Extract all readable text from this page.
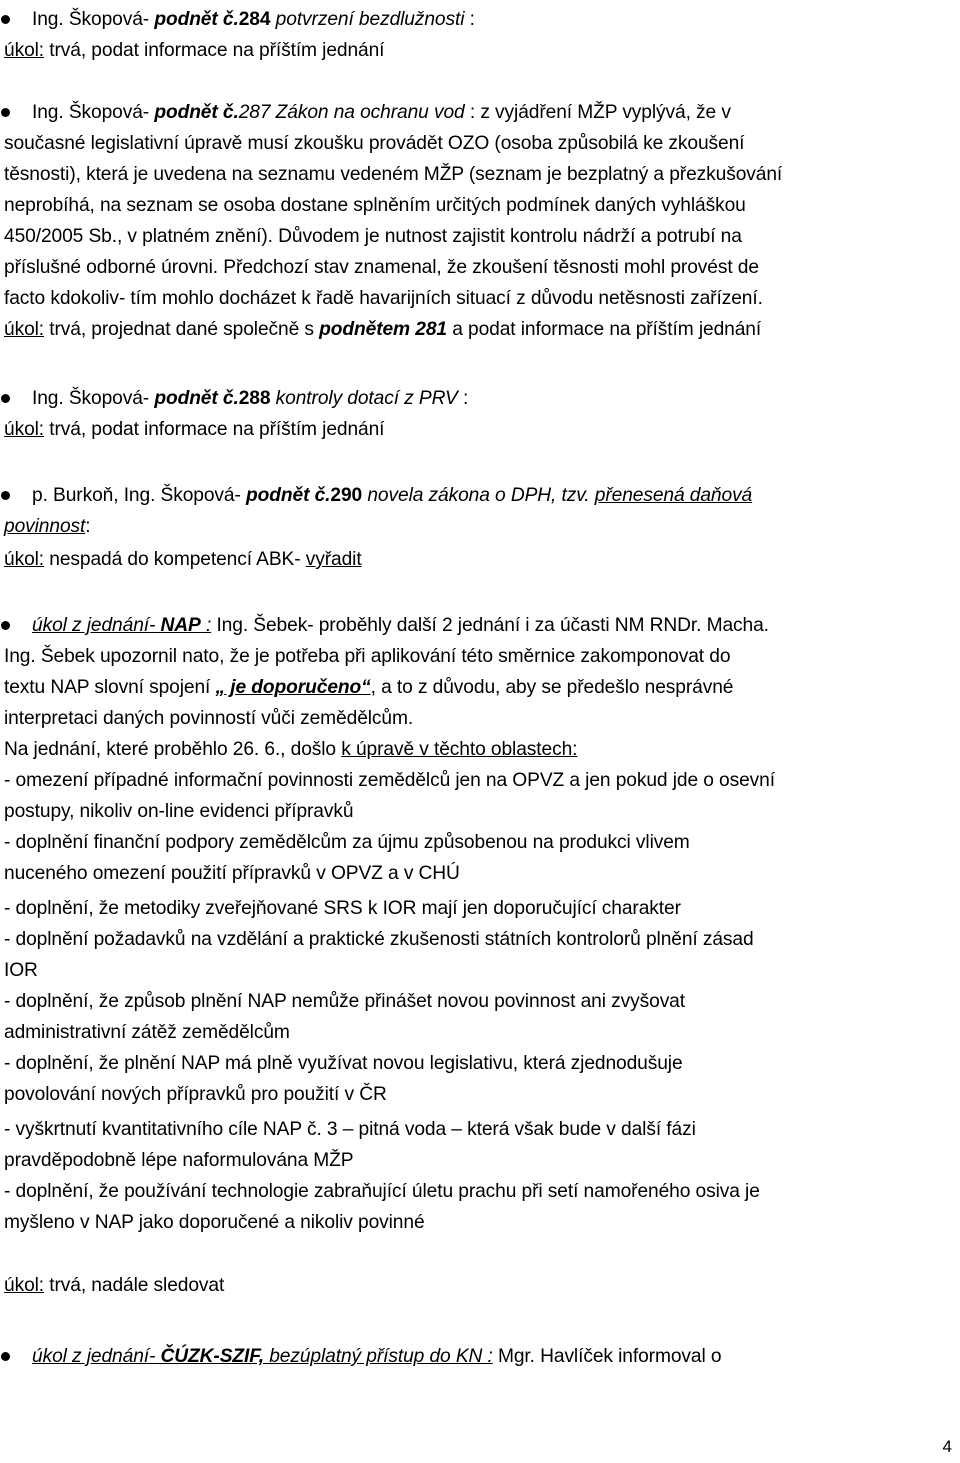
Ing. Škopová- podnět č.284 potvrzení bezdlužnosti :
úkol: trvá, podat informace na příštím jednání
Ing. Škopová- podnět č.287 Zákon na ochranu vod : z vyjádření MŽP vyplývá, že v
současné legislativní úpravě musí zkoušku provádět OZO (osoba způsobilá ke zkoušení
těsnosti), která je uvedena na seznamu vedeném MŽP (seznam je bezplatný a přezkušování
neprobíhá, na seznam se osoba dostane splněním určitých podmínek daných vyhláškou
450/2005 Sb., v platném znění). Důvodem je nutnost zajistit kontrolu nádrží a potrubí na
příslušné odborné úrovni. Předchozí stav znamenal, že zkoušení těsnosti mohl provést de
facto kdokoliv- tím mohlo docházet k řadě havarijních situací z důvodu netěsnosti zařízení.
úkol: trvá, projednat dané společně s podnětem 281 a podat informace na příštím jednání
Ing. Škopová- podnět č.288 kontroly dotací z PRV :
úkol: trvá, podat informace na příštím jednání
p. Burkoň, Ing. Škopová- podnět č.290 novela zákona o DPH, tzv. přenesená daňová
povinnost:
úkol: nespadá do kompetencí ABK- vyřadit
úkol z jednání- NAP : Ing. Šebek- proběhly další 2 jednání i za účasti NM RNDr. Macha.
Ing. Šebek upozornil nato, že je potřeba při aplikování této směrnice zakomponovat do
textu NAP slovní spojení „ je doporučeno“, a to z důvodu, aby se předešlo nesprávné
interpretaci daných povinností vůči zemědělcům.
Na jednání, které proběhlo 26. 6., došlo k úpravě v těchto oblastech:
- omezení případné informační povinnosti zemědělců jen na OPVZ a jen pokud jde o osevní
postupy, nikoliv on-line evidenci přípravků
- doplnění finanční podpory zemědělcům za újmu způsobenou na produkci vlivem
nuceného omezení použití přípravků v OPVZ a v CHÚ
- doplnění, že metodiky zveřejňované SRS k IOR mají jen doporučující charakter
- doplnění požadavků na vzdělání a praktické zkušenosti státních kontrolorů plnění zásad
IOR
- doplnění, že způsob plnění NAP nemůže přinášet novou povinnost ani zvyšovat
administrativní zátěž zemědělcům
- doplnění, že plnění NAP má plně využívat novou legislativu, která zjednodušuje
povolování nových přípravků pro použití v ČR
- vyškrtnutí kvantitativního cíle NAP č. 3 – pitná voda – která však bude v další fázi
pravděpodobně lépe naformulována MŽP
- doplnění, že používání technologie zabraňující úletu prachu při setí namořeného osiva je
myšleno v NAP jako doporučené a nikoliv povinné
úkol: trvá, nadále sledovat
úkol z jednání- ČÚZK-SZIF, bezúplatný přístup do KN : Mgr. Havlíček informoval o
4
